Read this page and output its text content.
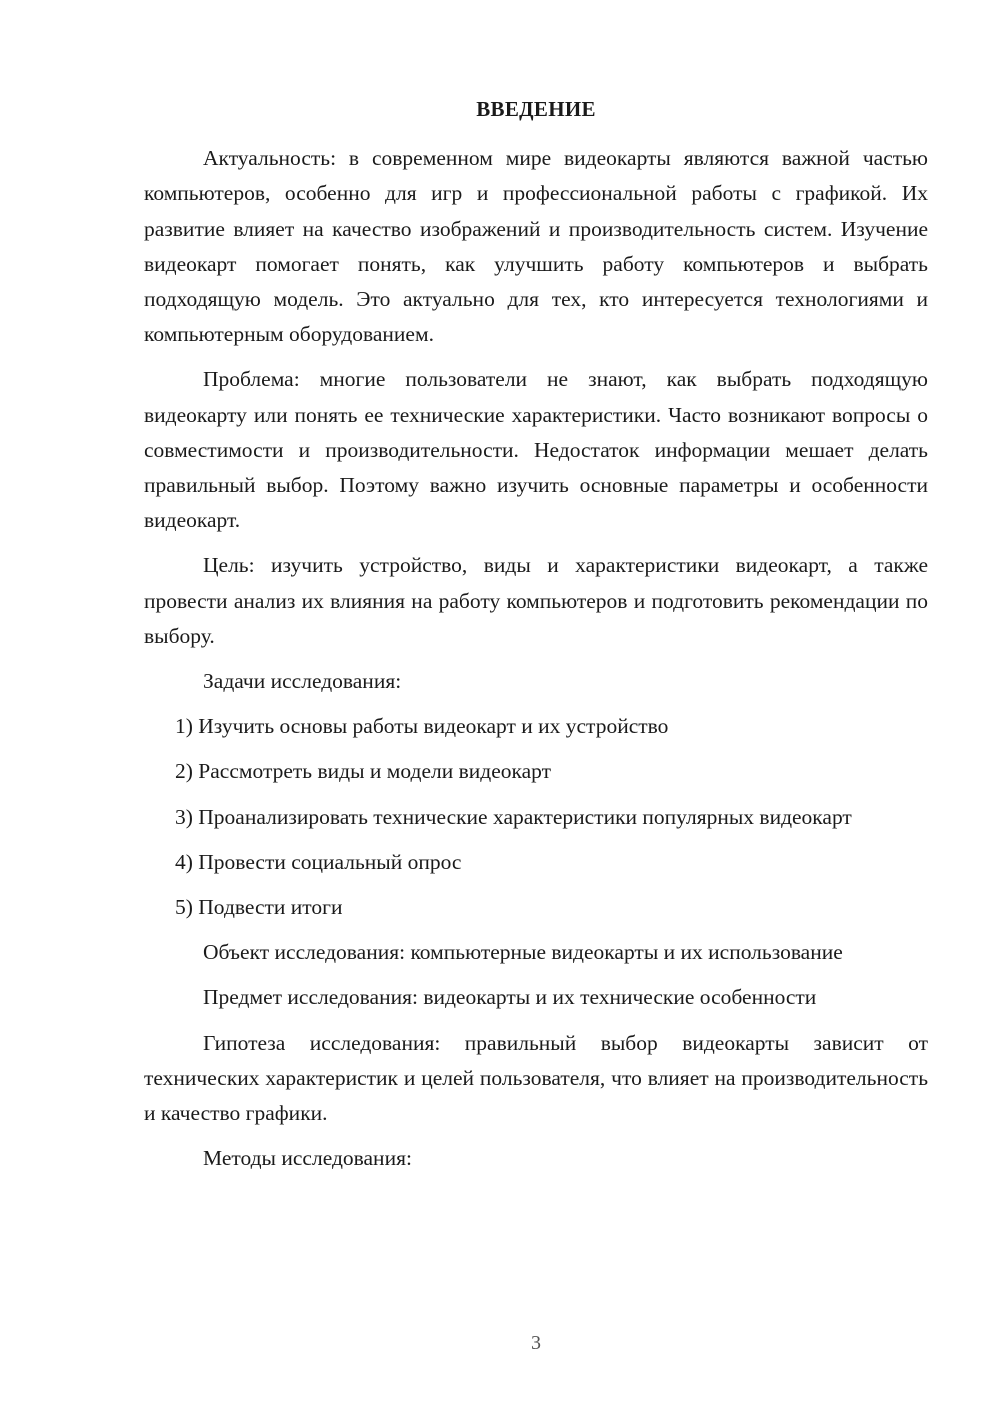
ВВЕДЕНИЕ

Актуальность: в современном мире видеокарты являются важной частью компьютеров, особенно для игр и профессиональной работы с графикой. Их развитие влияет на качество изображений и производительность систем. Изучение видеокарт помогает понять, как улучшить работу компьютеров и выбрать подходящую модель. Это актуально для тех, кто интересуется технологиями и компьютерным оборудованием.

Проблема: многие пользователи не знают, как выбрать подходящую видеокарту или понять ее технические характеристики. Часто возникают вопросы о совместимости и производительности. Недостаток информации мешает делать правильный выбор. Поэтому важно изучить основные параметры и особенности видеокарт.

Цель: изучить устройство, виды и характеристики видеокарт, а также провести анализ их влияния на работу компьютеров и подготовить рекомендации по выбору.

Задачи исследования:

1) Изучить основы работы видеокарт и их устройство

2) Рассмотреть виды и модели видеокарт

3) Проанализировать технические характеристики популярных видеокарт

4) Провести социальный опрос

5) Подвести итоги

Объект исследования: компьютерные видеокарты и их использование

Предмет исследования: видеокарты и их технические особенности

Гипотеза исследования: правильный выбор видеокарты зависит от технических характеристик и целей пользователя, что влияет на производительность и качество графики.

Методы исследования:

3
